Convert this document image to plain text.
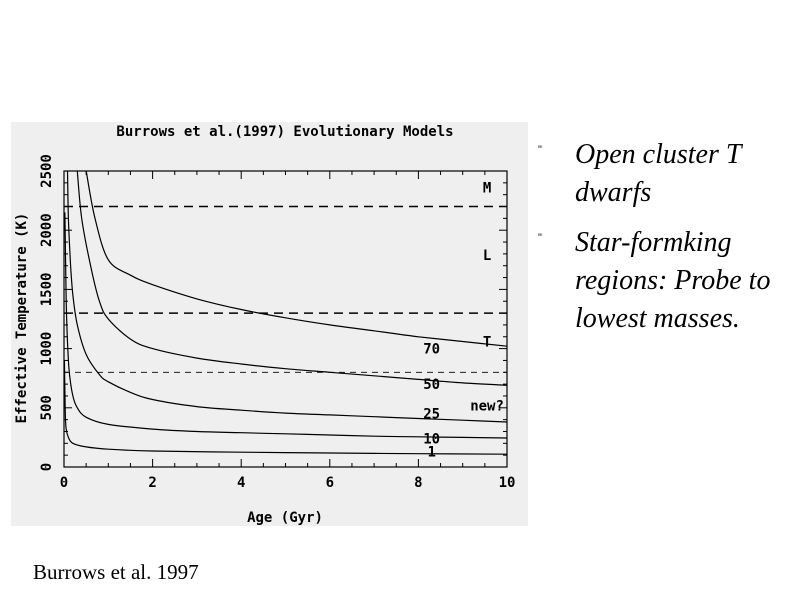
Burrows et al.(1997) Evolutionary Models
Age (Gyr)
Effective Temperature (K)
0	2	4	6	8	10
0
500
1000
1500
2000
2500
70
50
25
10
1
M
L
T
new?
" Open cluster T dwarfs
" Star-formking regions: Probe to lowest masses.
Burrows et al. 1997
